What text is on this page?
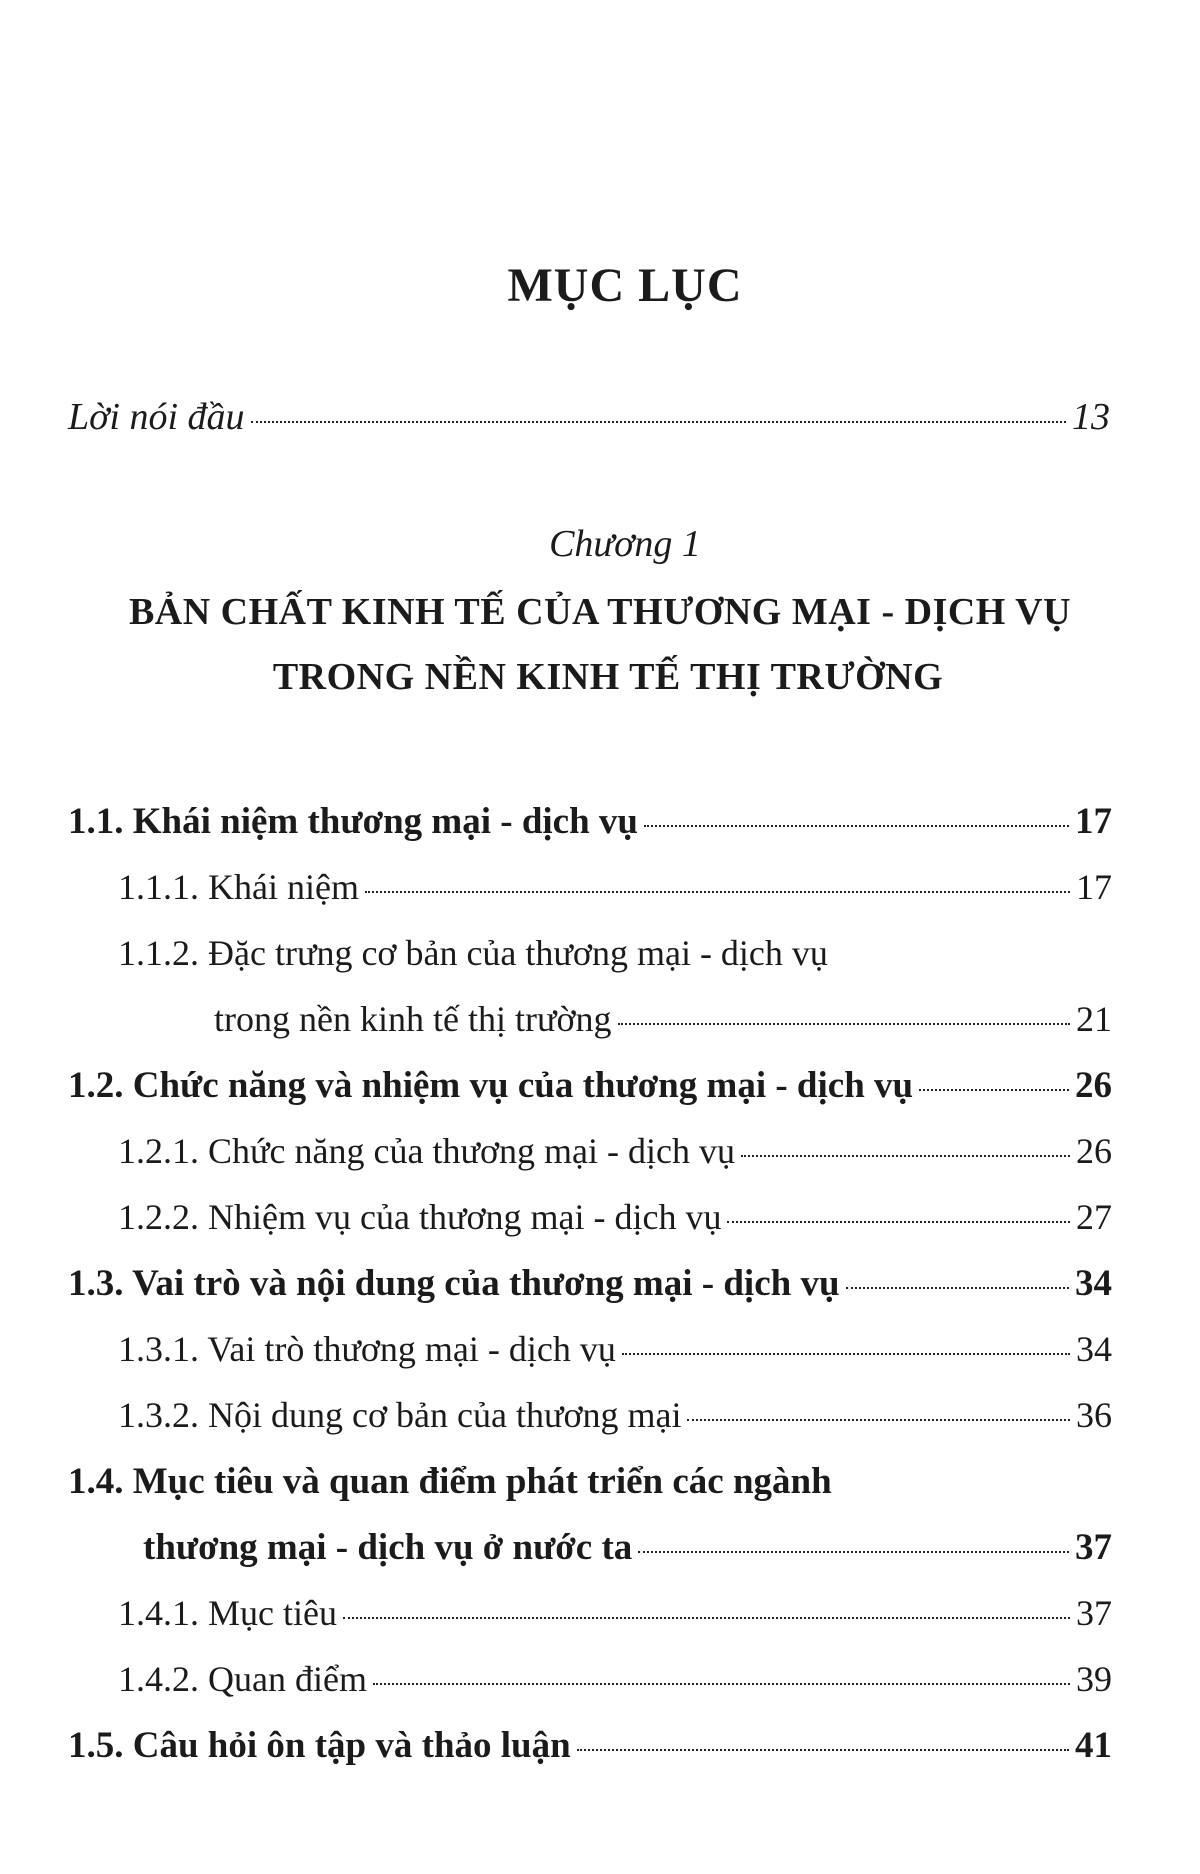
MỤC LỤC
Lời nói đầu	13
Chương 1
BẢN CHẤT KINH TẾ CỦA THƯƠNG MẠI - DỊCH VỤ
TRONG NỀN KINH TẾ THỊ TRƯỜNG
1.1. Khái niệm thương mại - dịch vụ	17
1.1.1. Khái niệm	17
1.1.2. Đặc trưng cơ bản của thương mại - dịch vụ
trong nền kinh tế thị trường	21
1.2. Chức năng và nhiệm vụ của thương mại - dịch vụ	26
1.2.1. Chức năng của thương mại - dịch vụ	26
1.2.2. Nhiệm vụ của thương mại - dịch vụ	27
1.3. Vai trò và nội dung của thương mại - dịch vụ	34
1.3.1. Vai trò thương mại - dịch vụ	34
1.3.2. Nội dung cơ bản của thương mại	36
1.4. Mục tiêu và quan điểm phát triển các ngành
thương mại - dịch vụ ở nước ta	37
1.4.1. Mục tiêu	37
1.4.2. Quan điểm	39
1.5. Câu hỏi ôn tập và thảo luận	41
